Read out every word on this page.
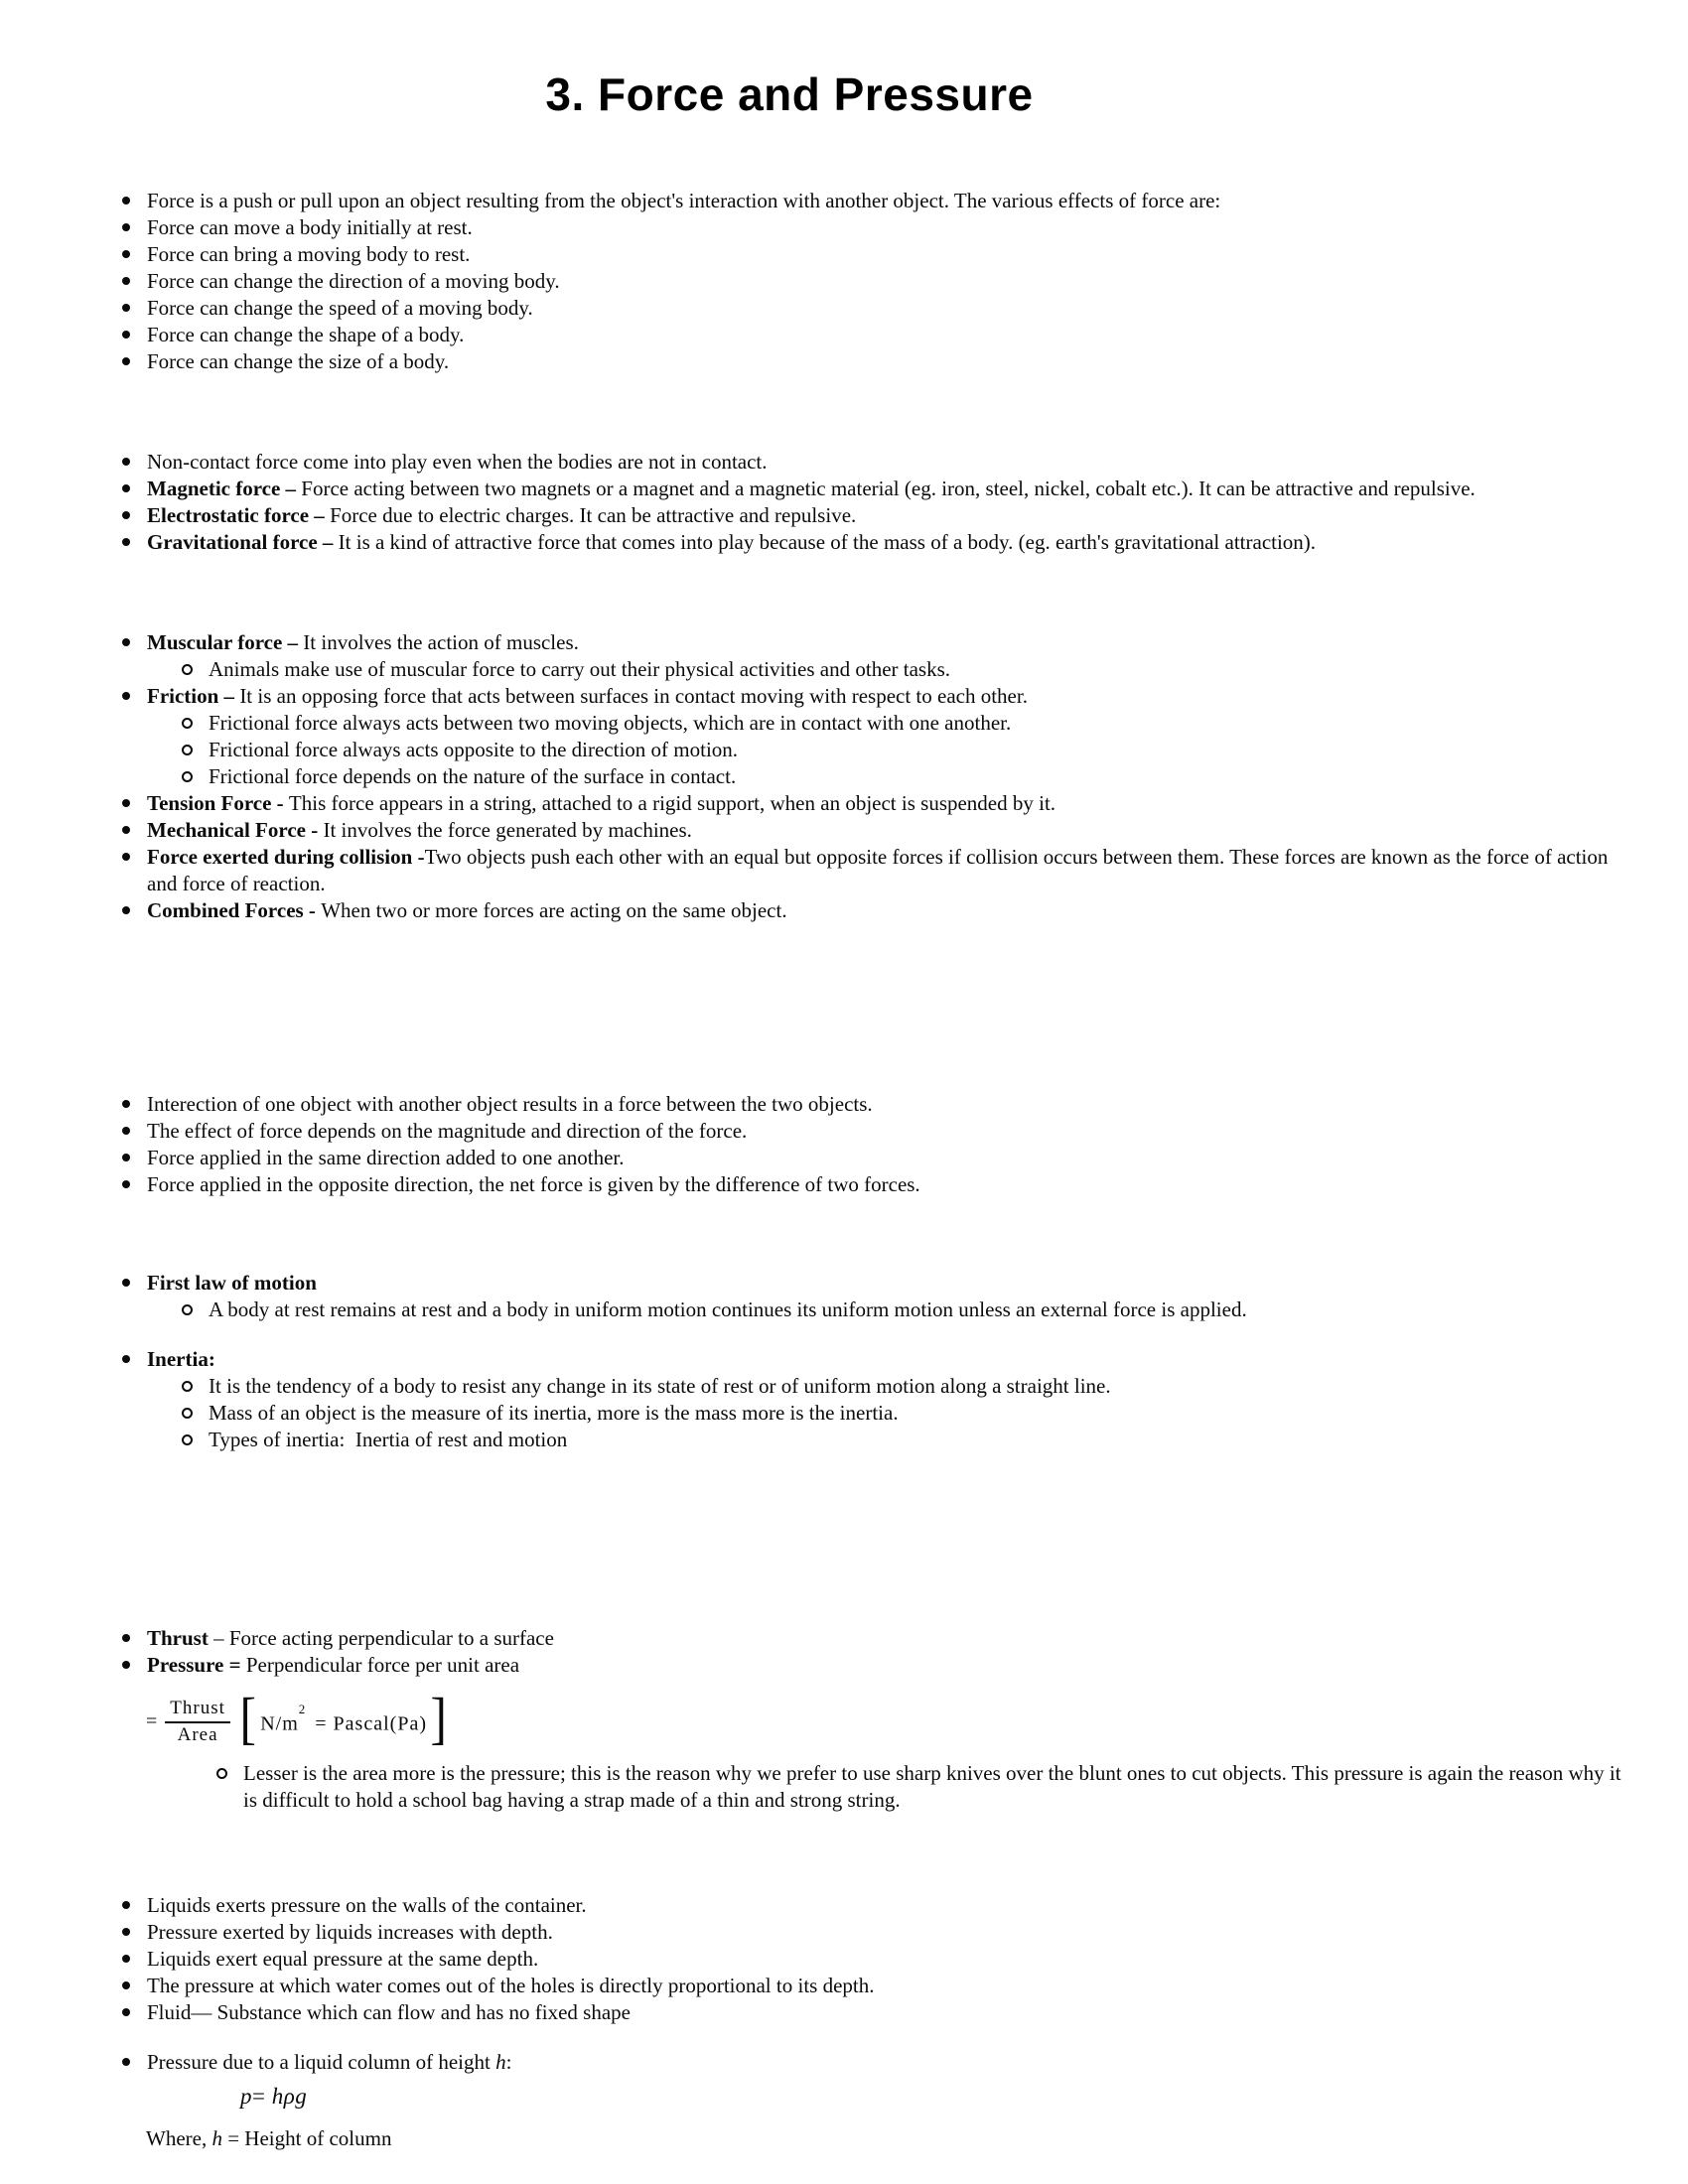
3. Force and Pressure
Force is a push or pull upon an object resulting from the object's interaction with another object. The various effects of force are:
Force can move a body initially at rest.
Force can bring a moving body to rest.
Force can change the direction of a moving body.
Force can change the speed of a moving body.
Force can change the shape of a body.
Force can change the size of a body.
Non-contact force come into play even when the bodies are not in contact.
Magnetic force – Force acting between two magnets or a magnet and a magnetic material (eg. iron, steel, nickel, cobalt etc.). It can be attractive and repulsive.
Electrostatic force – Force due to electric charges. It can be attractive and repulsive.
Gravitational force – It is a kind of attractive force that comes into play because of the mass of a body. (eg. earth's gravitational attraction).
Muscular force – It involves the action of muscles.
Animals make use of muscular force to carry out their physical activities and other tasks.
Friction – It is an opposing force that acts between surfaces in contact moving with respect to each other.
Frictional force always acts between two moving objects, which are in contact with one another.
Frictional force always acts opposite to the direction of motion.
Frictional force depends on the nature of the surface in contact.
Tension Force - This force appears in a string, attached to a rigid support, when an object is suspended by it.
Mechanical Force - It involves the force generated by machines.
Force exerted during collision -Two objects push each other with an equal but opposite forces if collision occurs between them. These forces are known as the force of action and force of reaction.
Combined Forces - When two or more forces are acting on the same object.
Interection of one object with another object results in a force between the two objects.
The effect of force depends on the magnitude and direction of the force.
Force applied in the same direction added to one another.
Force applied in the opposite direction, the net force is given by the difference of two forces.
First law of motion
A body at rest remains at rest and a body in uniform motion continues its uniform motion unless an external force is applied.
Inertia:
It is the tendency of a body to resist any change in its state of rest or of uniform motion along a straight line.
Mass of an object is the measure of its inertia, more is the mass more is the inertia.
Types of inertia:  Inertia of rest and motion
Thrust – Force acting perpendicular to a surface
Pressure = Perpendicular force per unit area
= $\frac{\text{Thrust}}{\text{Area}}$ [ $N/m^2$ = Pascal(Pa) ]
Lesser is the area more is the pressure; this is the reason why we prefer to use sharp knives over the blunt ones to cut objects. This pressure is again the reason why it is difficult to hold a school bag having a strap made of a thin and strong string.
Liquids exerts pressure on the walls of the container.
Pressure exerted by liquids increases with depth.
Liquids exert equal pressure at the same depth.
The pressure at which water comes out of the holes is directly proportional to its depth.
Fluid— Substance which can flow and has no fixed shape
Pressure due to a liquid column of height h:
p= hρg
Where, h = Height of column
